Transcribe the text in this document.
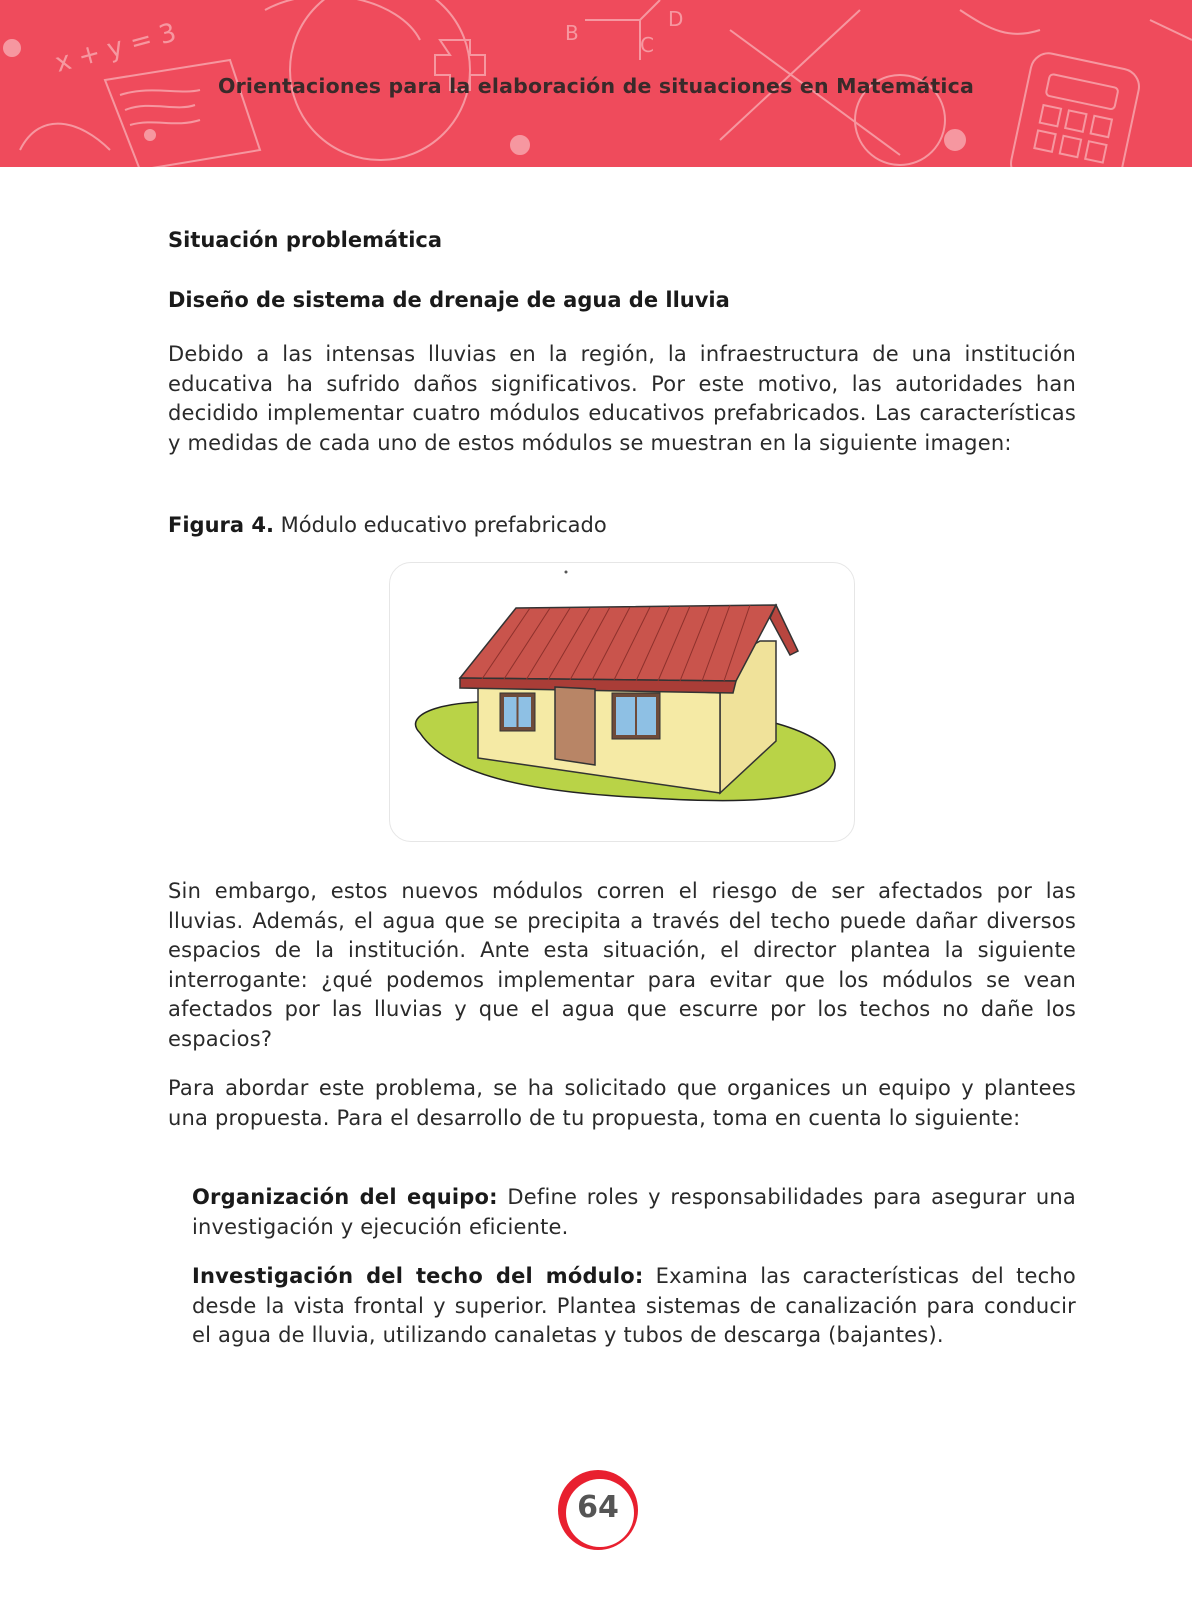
x + y = 3	B	C
D
Orientaciones para la elaboración de situaciones en Matemática
Situación problemática
Diseño de sistema de drenaje de agua de lluvia

Debido a las intensas lluvias en la región, la infraestructura de una institución educativa ha sufrido daños significativos. Por este motivo, las autoridades han decidido implementar cuatro módulos educativos prefabricados. Las características y medidas de cada uno de estos módulos se muestran en la siguiente imagen:

Figura 4. Módulo educativo prefabricado

Sin embargo, estos nuevos módulos corren el riesgo de ser afectados por las lluvias. Además, el agua que se precipita a través del techo puede dañar diversos espacios de la institución. Ante esta situación, el director plantea la siguiente interrogante: ¿qué podemos implementar para evitar que los módulos se vean afectados por las lluvias y que el agua que escurre por los techos no dañe los espacios?

Para abordar este problema, se ha solicitado que organices un equipo y plantees una propuesta. Para el desarrollo de tu propuesta, toma en cuenta lo siguiente:

Organización del equipo: Define roles y responsabilidades para asegurar una investigación y ejecución eficiente.

Investigación del techo del módulo: Examina las características del techo desde la vista frontal y superior. Plantea sistemas de canalización para conducir el agua de lluvia, utilizando canaletas y tubos de descarga (bajantes).

64
